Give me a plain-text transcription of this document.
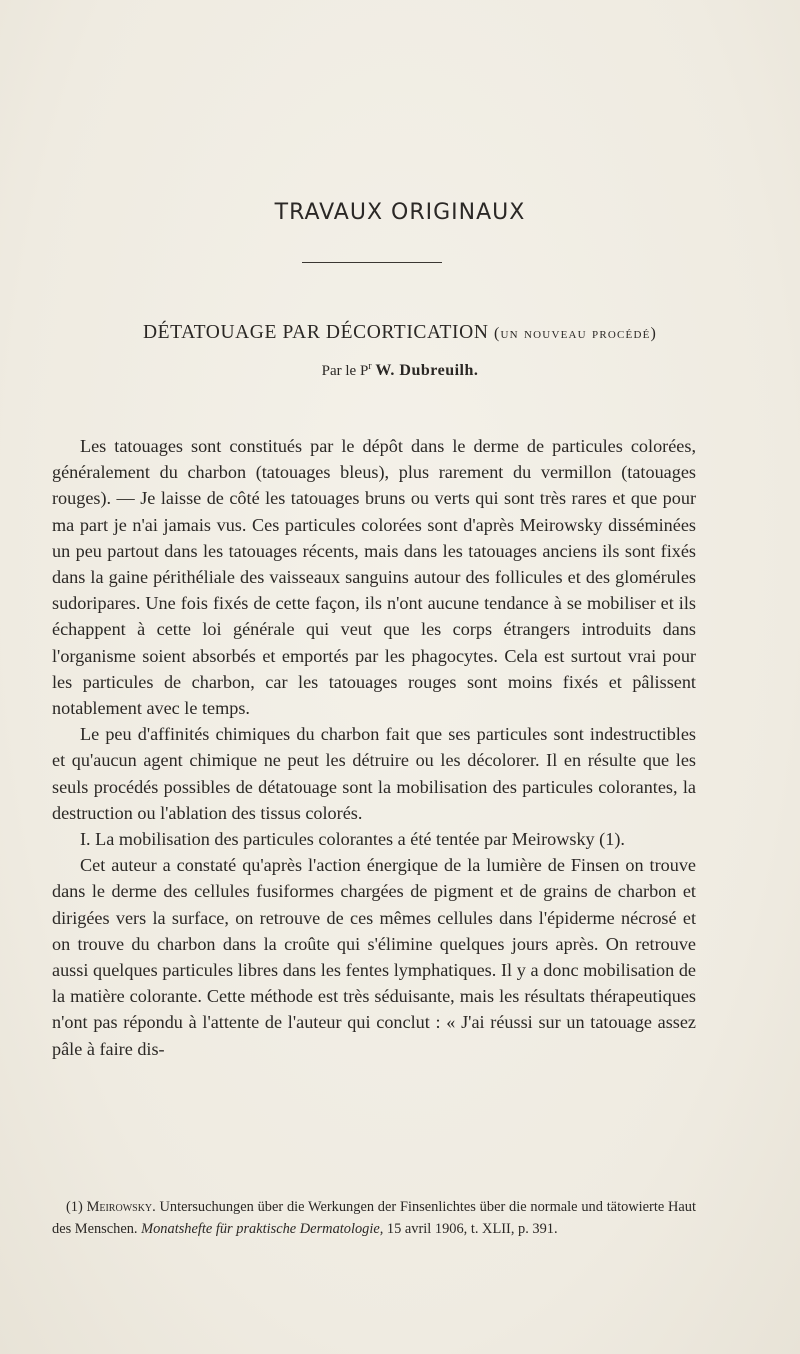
TRAVAUX ORIGINAUX
DÉTATOUAGE PAR DÉCORTICATION (un nouveau procédé)
Par le $P^r$ W. Dubreuilh.

Les tatouages sont constitués par le dépôt dans le derme de particules colorées, généralement du charbon (tatouages bleus), plus rarement du vermillon (tatouages rouges). — Je laisse de côté les tatouages bruns ou verts qui sont très rares et que pour ma part je n'ai jamais vus. Ces particules colorées sont d'après Meirowsky disséminées un peu partout dans les tatouages récents, mais dans les tatouages anciens ils sont fixés dans la gaine périthéliale des vaisseaux sanguins autour des follicules et des glomérules sudoripares. Une fois fixés de cette façon, ils n'ont aucune tendance à se mobiliser et ils échappent à cette loi générale qui veut que les corps étrangers introduits dans l'organisme soient absorbés et emportés par les phagocytes. Cela est surtout vrai pour les particules de charbon, car les tatouages rouges sont moins fixés et pâlissent notablement avec le temps.

Le peu d'affinités chimiques du charbon fait que ses particules sont indestructibles et qu'aucun agent chimique ne peut les détruire ou les décolorer. Il en résulte que les seuls procédés possibles de détatouage sont la mobilisation des particules colorantes, la destruction ou l'ablation des tissus colorés.

I. La mobilisation des particules colorantes a été tentée par Meirowsky (1).

Cet auteur a constaté qu'après l'action énergique de la lumière de Finsen on trouve dans le derme des cellules fusiformes chargées de pigment et de grains de charbon et dirigées vers la surface, on retrouve de ces mêmes cellules dans l'épiderme nécrosé et on trouve du charbon dans la croûte qui s'élimine quelques jours après. On retrouve aussi quelques particules libres dans les fentes lymphatiques. Il y a donc mobilisation de la matière colorante. Cette méthode est très séduisante, mais les résultats thérapeutiques n'ont pas répondu à l'attente de l'auteur qui conclut : « J'ai réussi sur un tatouage assez pâle à faire dis-

(1) Meirowsky. Untersuchungen über die Werkungen der Finsenlichtes über die normale und tätowierte Haut des Menschen. Monatshefte für praktische Dermatologie, 15 avril 1906, t. XLII, p. 391.
